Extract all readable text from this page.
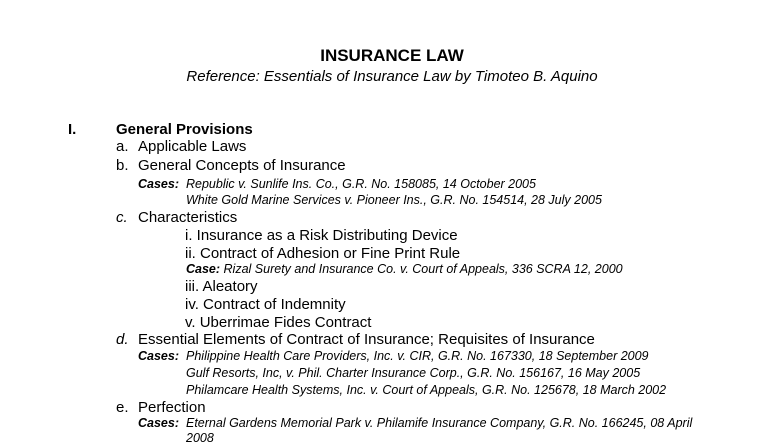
INSURANCE LAW
Reference: Essentials of Insurance Law by Timoteo B. Aquino
I.	General Provisions
a. Applicable Laws
b. General Concepts of Insurance
Cases: Republic v. Sunlife Ins. Co., G.R. No. 158085, 14 October 2005
White Gold Marine Services v. Pioneer Ins., G.R. No. 154514, 28 July 2005
c. Characteristics
i. Insurance as a Risk Distributing Device
ii. Contract of Adhesion or Fine Print Rule
Case: Rizal Surety and Insurance Co. v. Court of Appeals, 336 SCRA 12, 2000
iii. Aleatory
iv. Contract of Indemnity
v. Uberrimae Fides Contract
d. Essential Elements of Contract of Insurance; Requisites of Insurance
Cases: Philippine Health Care Providers, Inc. v. CIR, G.R. No. 167330, 18 September 2009
Gulf Resorts, Inc, v. Phil. Charter Insurance Corp., G.R. No. 156167, 16 May 2005
Philamcare Health Systems, Inc. v. Court of Appeals, G.R. No. 125678, 18 March 2002
e. Perfection
Cases: Eternal Gardens Memorial Park v. Philamife Insurance Company, G.R. No. 166245, 08 April
2008
